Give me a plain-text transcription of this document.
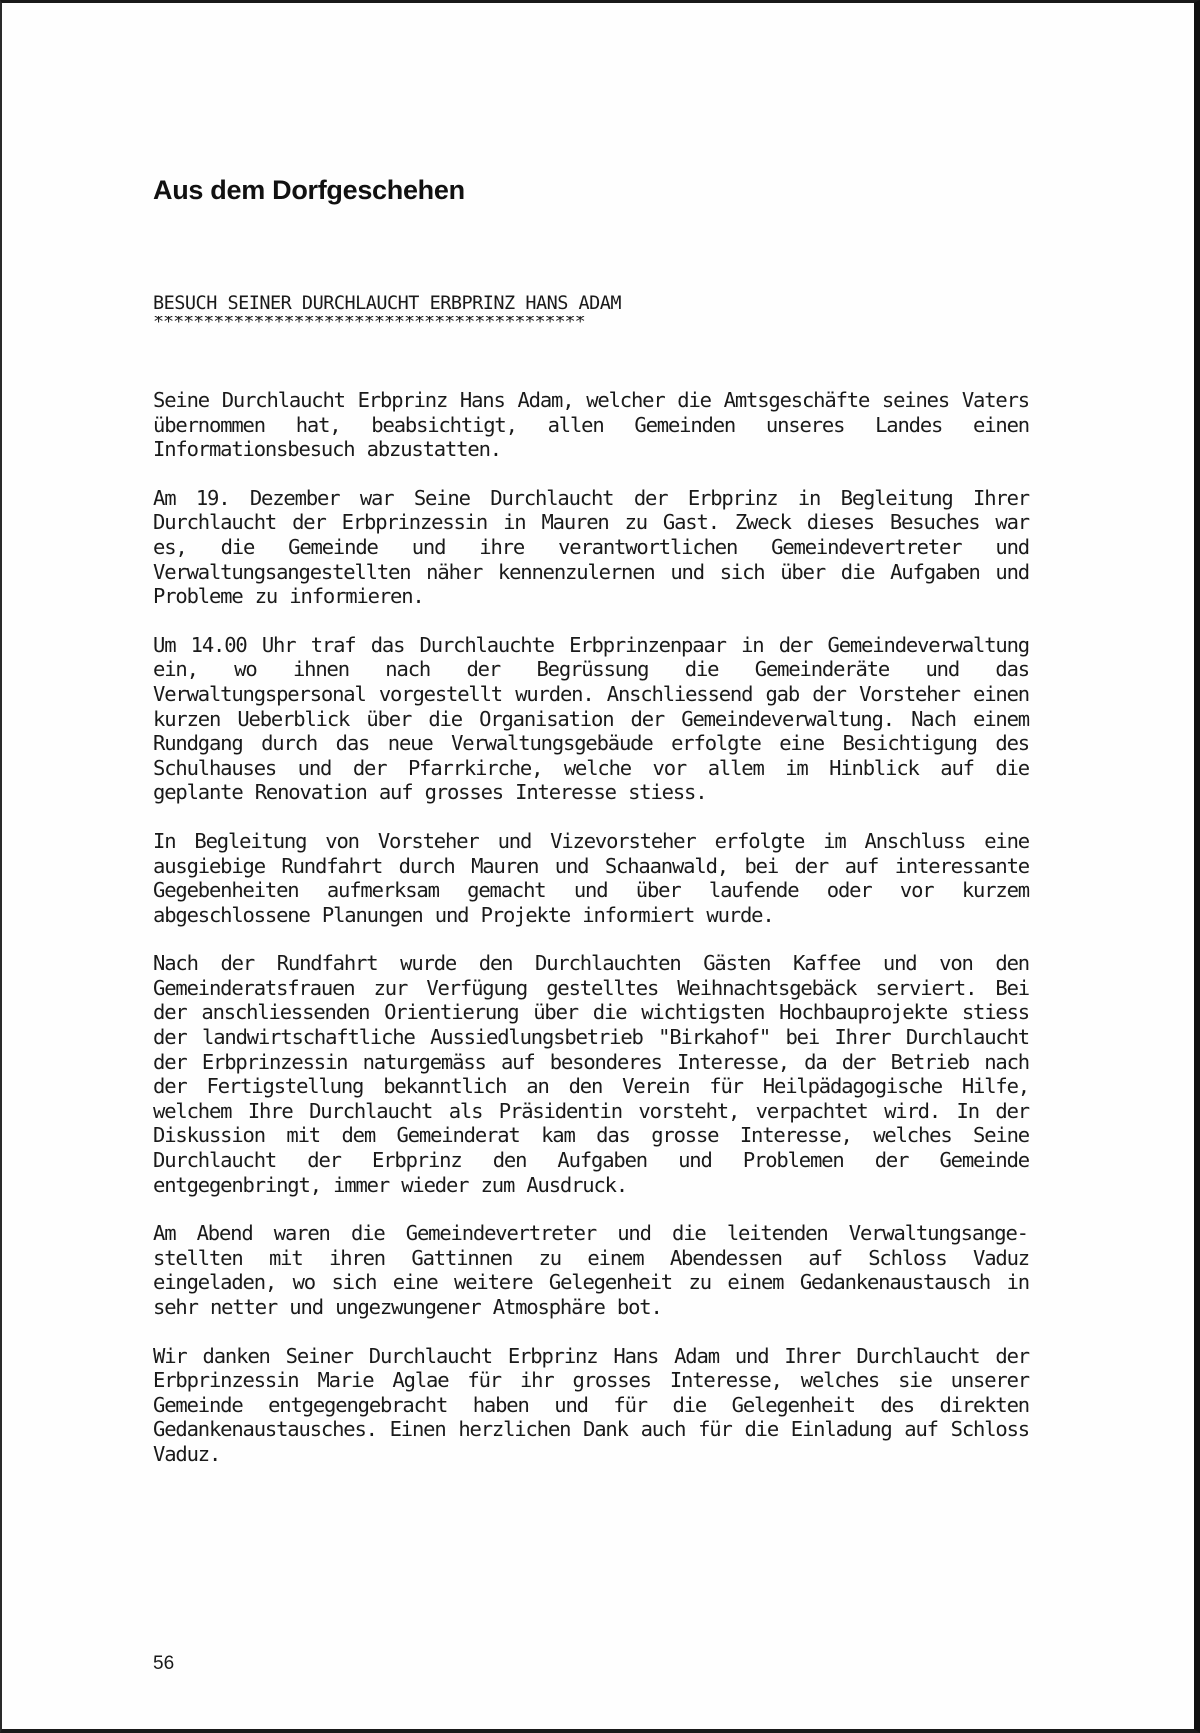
Aus dem Dorfgeschehen
BESUCH SEINER DURCHLAUCHT ERBPRINZ HANS ADAM
*******************************************

Seine Durchlaucht Erbprinz Hans Adam, welcher die Amtsgeschäfte seines Vaters übernommen hat, beabsichtigt, allen Gemeinden unseres Landes einen Informationsbesuch abzustatten.

Am 19. Dezember war Seine Durchlaucht der Erbprinz in Begleitung Ihrer Durchlaucht der Erbprinzessin in Mauren zu Gast. Zweck dieses Besuches war es, die Gemeinde und ihre verantwortlichen Gemeindevertreter und Verwaltungsangestellten näher kennenzulernen und sich über die Aufgaben und Probleme zu informieren.

Um 14.00 Uhr traf das Durchlauchte Erbprinzenpaar in der Gemeindeverwaltung ein, wo ihnen nach der Begrüssung die Gemeinderäte und das Verwaltungspersonal vorgestellt wurden. Anschliessend gab der Vorsteher einen kurzen Ueberblick über die Organisation der Gemeindeverwaltung. Nach einem Rundgang durch das neue Verwaltungsgebäude erfolgte eine Besichtigung des Schulhauses und der Pfarrkirche, welche vor allem im Hinblick auf die geplante Renovation auf grosses Interesse stiess.

In Begleitung von Vorsteher und Vizevorsteher erfolgte im Anschluss eine ausgiebige Rundfahrt durch Mauren und Schaanwald, bei der auf interessante Gegebenheiten aufmerksam gemacht und über laufende oder vor kurzem abgeschlossene Planungen und Projekte informiert wurde.

Nach der Rundfahrt wurde den Durchlauchten Gästen Kaffee und von den Gemeinderatsfrauen zur Verfügung gestelltes Weihnachtsgebäck serviert. Bei der anschliessenden Orientierung über die wichtigsten Hochbauprojekte stiess der landwirtschaftliche Aussiedlungsbetrieb "Birkahof" bei Ihrer Durchlaucht der Erbprinzessin naturgemäss auf besonderes Interesse, da der Betrieb nach der Fertigstellung bekanntlich an den Verein für Heilpädagogische Hilfe, welchem Ihre Durchlaucht als Präsidentin vorsteht, verpachtet wird. In der Diskussion mit dem Gemeinderat kam das grosse Interesse, welches Seine Durchlaucht der Erbprinz den Aufgaben und Problemen der Gemeinde entgegenbringt, immer wieder zum Ausdruck.

Am Abend waren die Gemeindevertreter und die leitenden Verwaltungsangestellten mit ihren Gattinnen zu einem Abendessen auf Schloss Vaduz eingeladen, wo sich eine weitere Gelegenheit zu einem Gedankenaustausch in sehr netter und ungezwungener Atmosphäre bot.

Wir danken Seiner Durchlaucht Erbprinz Hans Adam und Ihrer Durchlaucht der Erbprinzessin Marie Aglae für ihr grosses Interesse, welches sie unserer Gemeinde entgegengebracht haben und für die Gelegenheit des direkten Gedankenaustausches. Einen herzlichen Dank auch für die Einladung auf Schloss Vaduz.

56
